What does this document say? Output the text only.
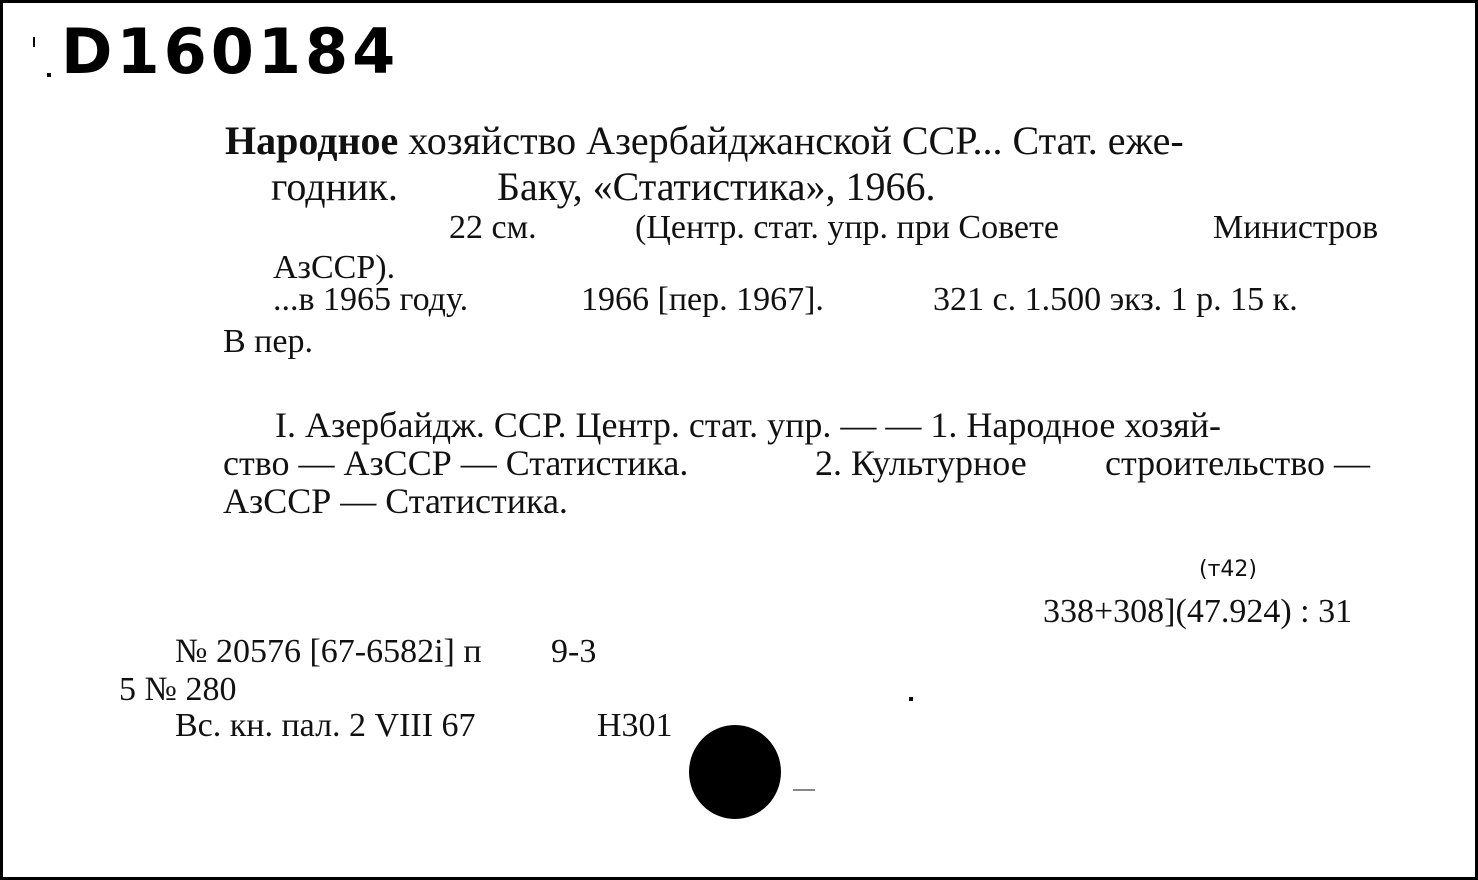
D160184
Народное хозяйство Азербайджанской ССР... Стат. еже-
годник. Баку, «Статистика», 1966.
22 см.	(Центр. стат. упр. при Совете	Министров
АзССР).
...в 1965 году.	1966 [пер. 1967].	321 с. 1.500 экз. 1 р. 15 к.
В пер.
I. Азербайдж. ССР. Центр. стат. упр. — — 1. Народное хозяй-
ство — АзССР — Статистика.	2. Культурное строительство —
АзССР — Статистика.
(т42)
338+308](47.924) : 31
№ 20576 [67-6582і] п 9-3
5 № 280
Вс. кн. пал. 2 VIII 67	Н301
